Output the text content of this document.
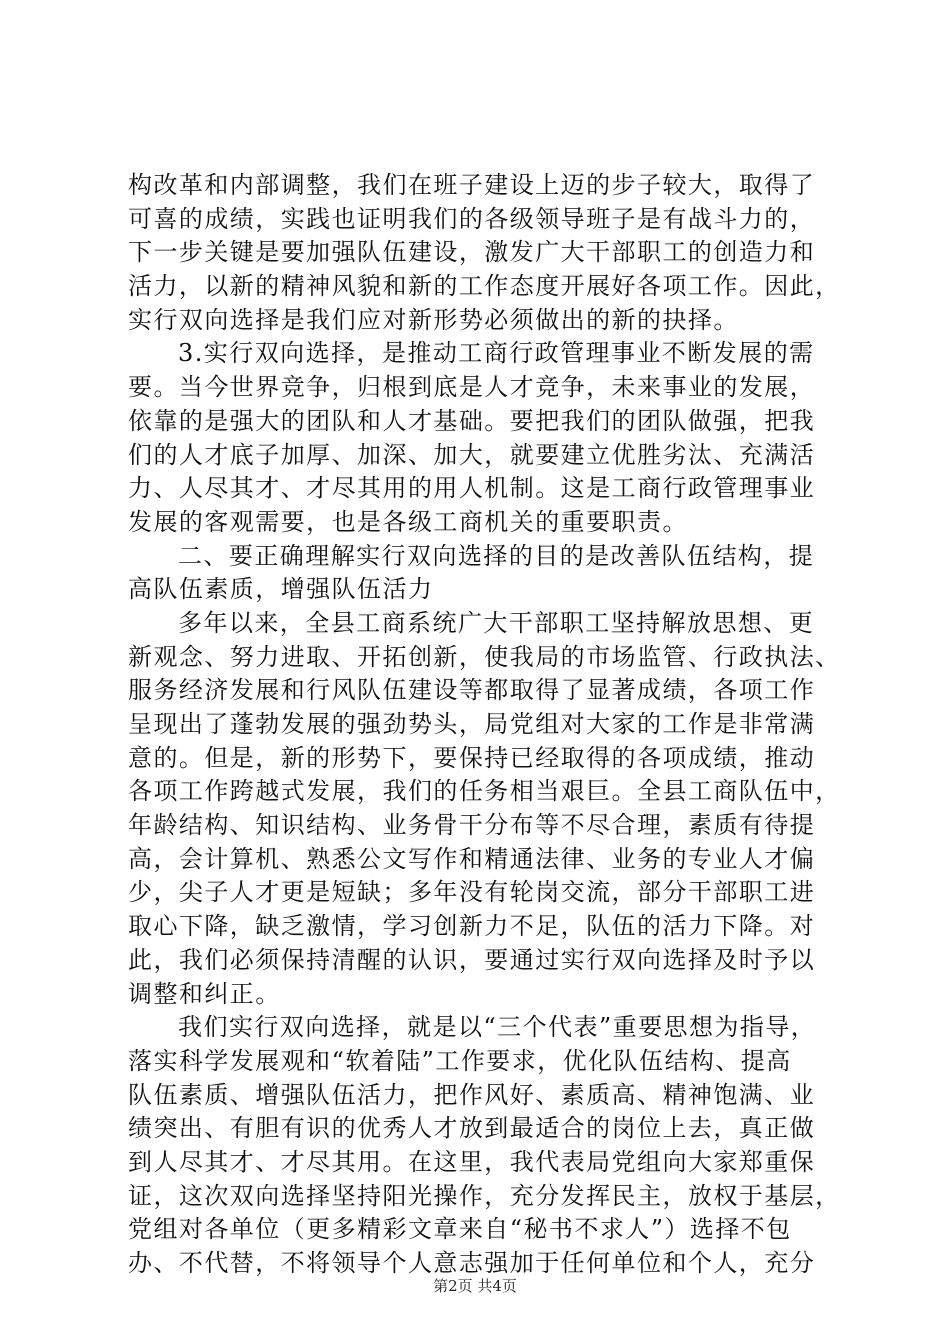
构改革和内部调整，我们在班子建设上迈的步子较大，取得了
可喜的成绩，实践也证明我们的各级领导班子是有战斗力的，
下一步关键是要加强队伍建设，激发广大干部职工的创造力和
活力，以新的精神风貌和新的工作态度开展好各项工作。因此，
实行双向选择是我们应对新形势必须做出的新的抉择。
3.实行双向选择，是推动工商行政管理事业不断发展的需
要。当今世界竞争，归根到底是人才竞争，未来事业的发展，
依靠的是强大的团队和人才基础。要把我们的团队做强，把我
们的人才底子加厚、加深、加大，就要建立优胜劣汰、充满活
力、人尽其才、才尽其用的用人机制。这是工商行政管理事业
发展的客观需要，也是各级工商机关的重要职责。
二、要正确理解实行双向选择的目的是改善队伍结构，提
高队伍素质，增强队伍活力
多年以来，全县工商系统广大干部职工坚持解放思想、更
新观念、努力进取、开拓创新，使我局的市场监管、行政执法、
服务经济发展和行风队伍建设等都取得了显著成绩，各项工作
呈现出了蓬勃发展的强劲势头，局党组对大家的工作是非常满
意的。但是，新的形势下，要保持已经取得的各项成绩，推动
各项工作跨越式发展，我们的任务相当艰巨。全县工商队伍中，
年龄结构、知识结构、业务骨干分布等不尽合理，素质有待提
高，会计算机、熟悉公文写作和精通法律、业务的专业人才偏
少，尖子人才更是短缺；多年没有轮岗交流，部分干部职工进
取心下降，缺乏激情，学习创新力不足，队伍的活力下降。对
此，我们必须保持清醒的认识，要通过实行双向选择及时予以
调整和纠正。
我们实行双向选择，就是以“三个代表”重要思想为指导，
落实科学发展观和“软着陆”工作要求，优化队伍结构、提高
队伍素质、增强队伍活力，把作风好、素质高、精神饱满、业
绩突出、有胆有识的优秀人才放到最适合的岗位上去，真正做
到人尽其才、才尽其用。在这里，我代表局党组向大家郑重保
证，这次双向选择坚持阳光操作，充分发挥民主，放权于基层，
党组对各单位（更多精彩文章来自“秘书不求人”）选择不包
办、不代替，不将领导个人意志强加于任何单位和个人，充分
第2页 共4页
